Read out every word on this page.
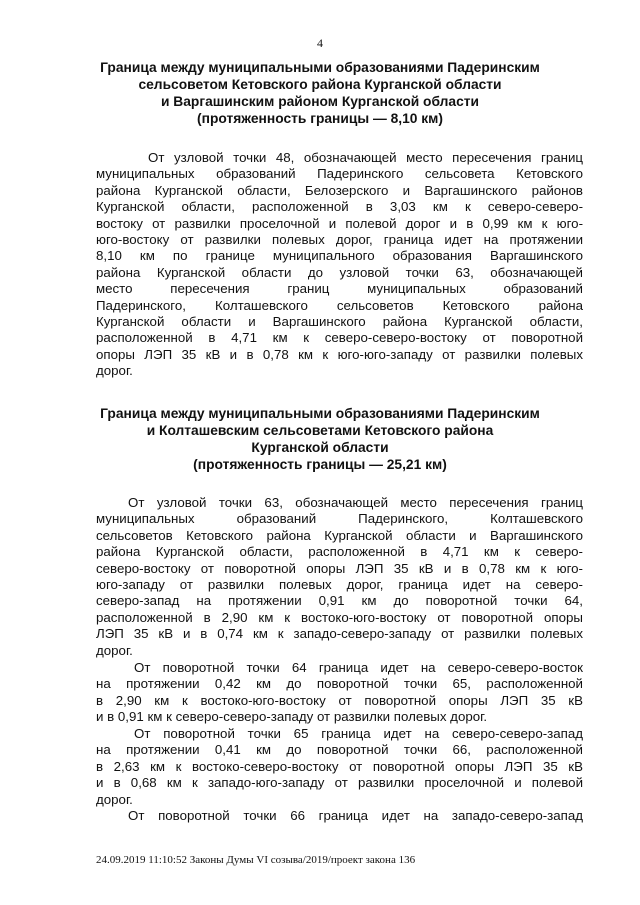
4
Граница между муниципальными образованиями Падеринским
сельсоветом Кетовского района Курганской области
и Варгашинским районом Курганской области
(протяженность границы — 8,10 км)
От узловой точки 48, обозначающей место пересечения границ
муниципальных образований Падеринского сельсовета Кетовского
района Курганской области, Белозерского и Варгашинского районов
Курганской области, расположенной в 3,03 км к северо-северо-
востоку от развилки проселочной и полевой дорог и в 0,99 км к юго-
юго-востоку от развилки полевых дорог, граница идет на протяжении
8,10 км по границе муниципального образования Варгашинского
района Курганской области до узловой точки 63, обозначающей
место пересечения границ муниципальных образований
Падеринского, Колташевского сельсоветов Кетовского района
Курганской области и Варгашинского района Курганской области,
расположенной в 4,71 км к северо-северо-востоку от поворотной
опоры ЛЭП 35 кВ и в 0,78 км к юго-юго-западу от развилки полевых
дорог.
Граница между муниципальными образованиями Падеринским
и Колташевским сельсоветами Кетовского района
Курганской области
(протяженность границы — 25,21 км)
От узловой точки 63, обозначающей место пересечения границ
муниципальных образований Падеринского, Колташевского
сельсоветов Кетовского района Курганской области и Варгашинского
района Курганской области, расположенной в 4,71 км к северо-
северо-востоку от поворотной опоры ЛЭП 35 кВ и в 0,78 км к юго-
юго-западу от развилки полевых дорог, граница идет на северо-
северо-запад на протяжении 0,91 км до поворотной точки 64,
расположенной в 2,90 км к востоко-юго-востоку от поворотной опоры
ЛЭП 35 кВ и в 0,74 км к западо-северо-западу от развилки полевых
дорог.
От поворотной точки 64 граница идет на северо-северо-восток
на протяжении 0,42 км до поворотной точки 65, расположенной
в 2,90 км к востоко-юго-востоку от поворотной опоры ЛЭП 35 кВ
и в 0,91 км к северо-северо-западу от развилки полевых дорог.
От поворотной точки 65 граница идет на северо-северо-запад
на протяжении 0,41 км до поворотной точки 66, расположенной
в 2,63 км к востоко-северо-востоку от поворотной опоры ЛЭП 35 кВ
и в 0,68 км к западо-юго-западу от развилки проселочной и полевой
дорог.
От поворотной точки 66 граница идет на западо-северо-запад
24.09.2019 11:10:52 Законы Думы VI созыва/2019/проект закона 136
